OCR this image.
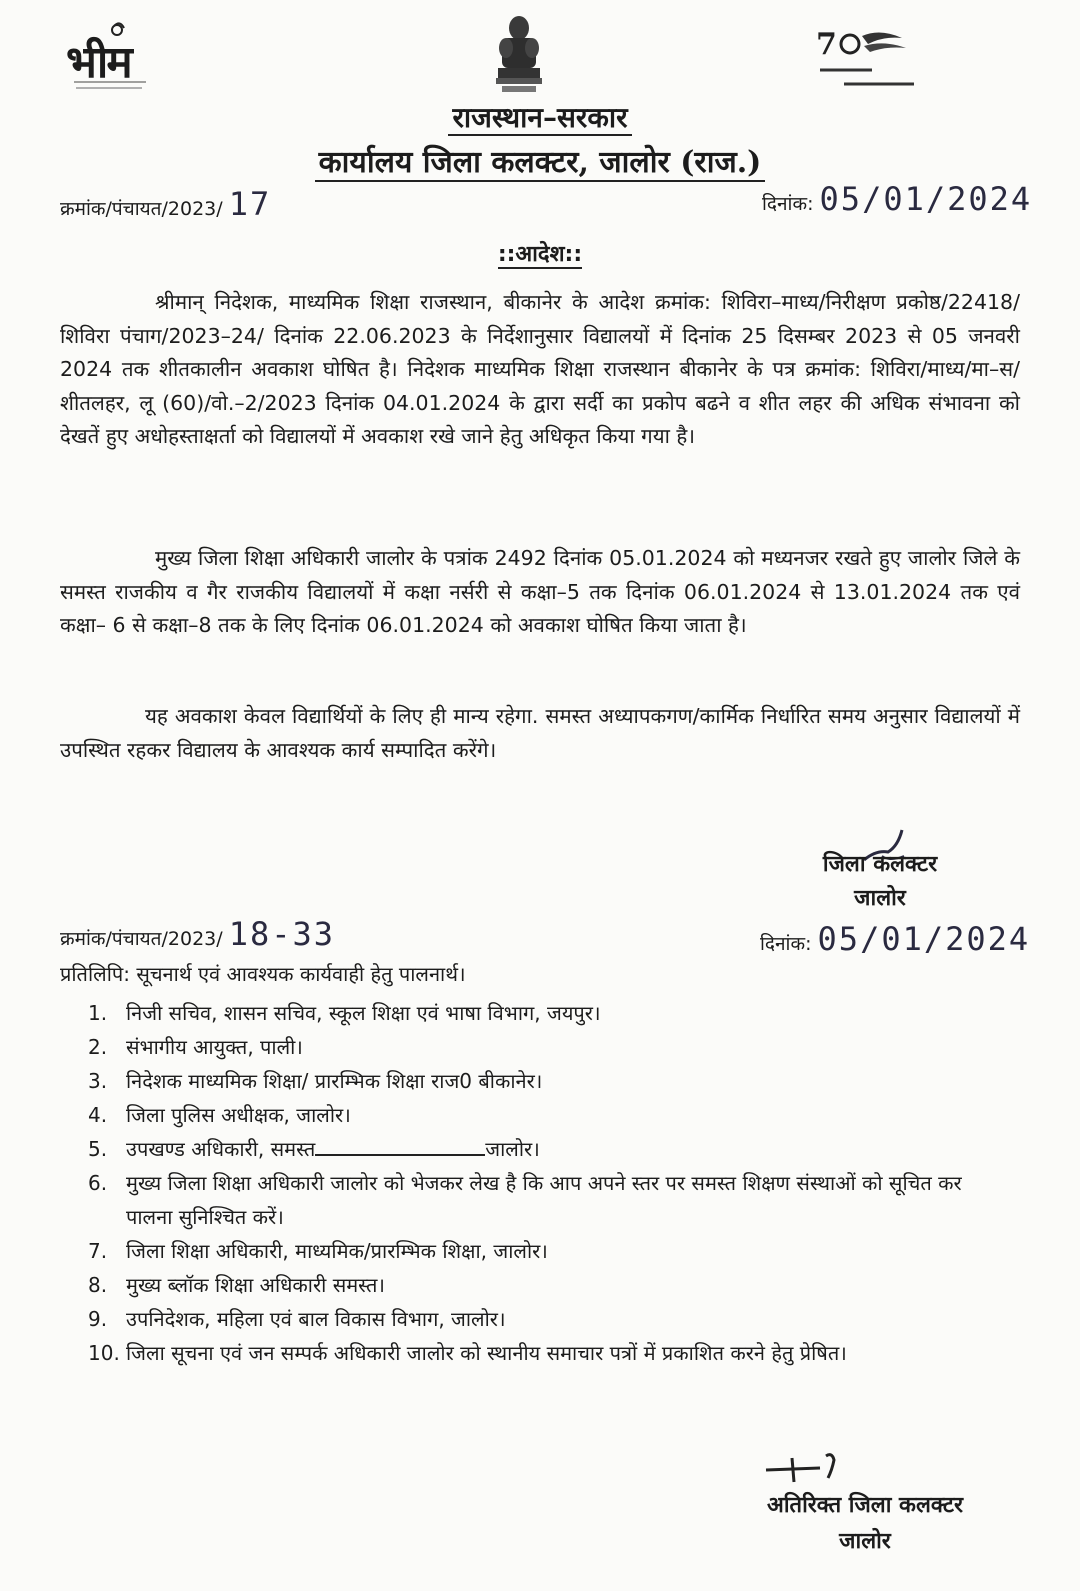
भीम	7
राजस्थान–सरकार
कार्यालय जिला कलक्टर, जालोर (राज.)
क्रमांक/पंचायत/2023/ 17	दिनांक: 05/01/2024
::आदेश::
श्रीमान् निदेशक, माध्यमिक शिक्षा राजस्थान, बीकानेर के आदेश क्रमांक: शिविरा–माध्य/निरीक्षण प्रकोष्ठ/22418/शिविरा पंचाग/2023–24/ दिनांक 22.06.2023 के निर्देशानुसार विद्यालयों में दिनांक 25 दिसम्बर 2023 से 05 जनवरी 2024 तक शीतकालीन अवकाश घोषित है। निदेशक माध्यमिक शिक्षा राजस्थान बीकानेर के पत्र क्रमांक: शिविरा/माध्य/मा–स/शीतलहर, लू (60)/वो.–2/2023 दिनांक 04.01.2024 के द्वारा सर्दी का प्रकोप बढने व शीत लहर की अधिक संभावना को देखतें हुए अधोहस्ताक्षर्ता को विद्यालयों में अवकाश रखे जाने हेतु अधिकृत किया गया है।
मुख्य जिला शिक्षा अधिकारी जालोर के पत्रांक 2492 दिनांक 05.01.2024 को मध्यनजर रखते हुए जालोर जिले के समस्त राजकीय व गैर राजकीय विद्यालयों में कक्षा नर्सरी से कक्षा–5 तक दिनांक 06.01.2024 से 13.01.2024 तक एवं कक्षा– 6 से कक्षा–8 तक के लिए दिनांक 06.01.2024 को अवकाश घोषित किया जाता है।
यह अवकाश केवल विद्यार्थियों के लिए ही मान्य रहेगा. समस्त अध्यापकगण/कार्मिक निर्धारित समय अनुसार विद्यालयों में उपस्थित रहकर विद्यालय के आवश्यक कार्य सम्पादित करेंगे।
जिला कलक्टर
जालोर
क्रमांक/पंचायत/2023/ 18-33	दिनांक: 05/01/2024
प्रतिलिपि: सूचनार्थ एवं आवश्यक कार्यवाही हेतु पालनार्थ।
1. निजी सचिव, शासन सचिव, स्कूल शिक्षा एवं भाषा विभाग, जयपुर।
2. संभागीय आयुक्त, पाली।
3. निदेशक माध्यमिक शिक्षा/ प्रारम्भिक शिक्षा राज0 बीकानेर।
4. जिला पुलिस अधीक्षक, जालोर।
5. उपखण्ड अधिकारी, समस्त	जालोर।
6. मुख्य जिला शिक्षा अधिकारी जालोर को भेजकर लेख है कि आप अपने स्तर पर समस्त शिक्षण संस्थाओं को सूचित कर पालना सुनिश्चित करें।
7. जिला शिक्षा अधिकारी, माध्यमिक/प्रारम्भिक शिक्षा, जालोर।
8. मुख्य ब्लॉक शिक्षा अधिकारी समस्त।
9. उपनिदेशक, महिला एवं बाल विकास विभाग, जालोर।
10. जिला सूचना एवं जन सम्पर्क अधिकारी जालोर को स्थानीय समाचार पत्रों में प्रकाशित करने हेतु प्रेषित।
अतिरिक्त जिला कलक्टर
जालोर
